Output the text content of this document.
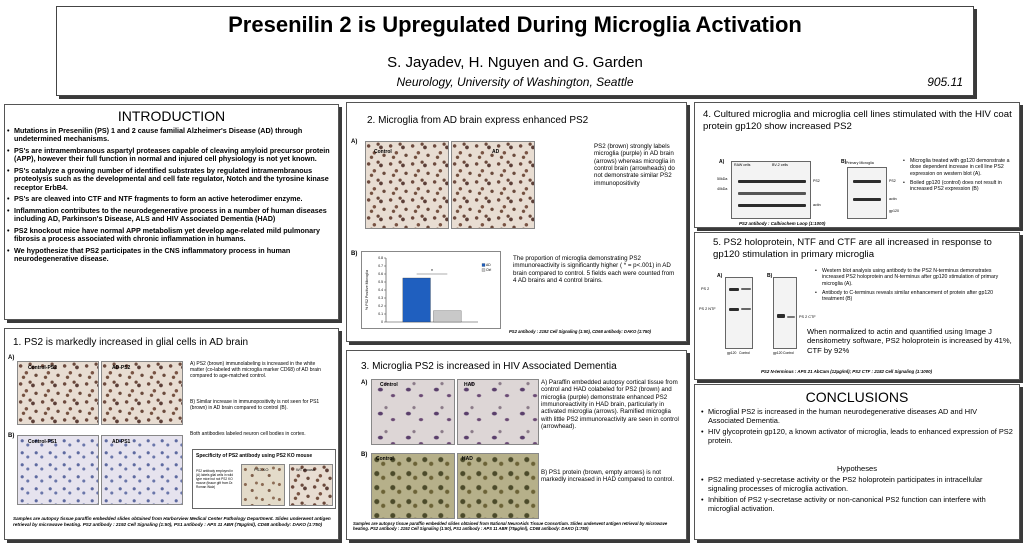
Presenilin 2 is Upregulated During Microglia Activation
S. Jayadev, H. Nguyen and G. Garden
Neurology, University of Washington, Seattle	905.11
INTRODUCTION
• Mutations in Presenilin (PS) 1 and 2 cause familial Alzheimer's Disease (AD) through undetermined mechanisms.
• PS's are intramembranous aspartyl proteases capable of cleaving amyloid precursor protein (APP), however their full function in normal and injured cell physiology is not yet known.
• PS's catalyze a growing number of identified substrates by regulated intramembranous proteolysis such as the developmental and cell fate regulator, Notch and the tyrosine kinase receptor ErbB4.
• PS's are cleaved into CTF and NTF fragments to form an active heterodimer enzyme.
• Inflammation contributes to the neurodegenerative process in a number of human diseases including AD, Parkinson's Disease, ALS and HIV Associated Dementia (HAD)
• PS2 knockout mice have normal APP metabolism yet develop age-related mild pulmonary fibrosis a process associated with chronic inflammation in humans.
• We hypothesize that PS2 participates in the CNS inflammatory process in human neurodegenerative disease.
1. PS2 is markedly increased in glial cells in AD brain
A)
Control-PS2	AD-PS2
B)
Control-PS1	AD-PS1
A) PS2 (brown) immunolabeling is increased in the white matter (co-labeled with microglia marker CD68) of AD brain compared to age-matched control.
B) Similar increase in immunopositivity is not seen for PS1 (brown) in AD brain compared to control (B).
Both antibodies labeled neuron cell bodies in cortex.
Specificity of PS2 antibody using PS2 KO mouse
PS2 antibody employed in (A) labels glial cells in wild type mice but not PS2 KO mouse (tissue gift from Dr. Roman Walz)
PS2 KO	WT mouse
Samples are autopsy tissue paraffin embedded slides obtained from Harborview Medical Center Pathology Department. Slides underwent antigen retrieval by microwave heating. PS2 antibody : 2192 Cell Signaling (1:50), PS1 antibody : APS 11 ABR (75µg/ml), CD68 antibody: DAKO (1:750)
2. Microglia from AD brain express enhanced PS2
A)
Control	AD
PS2 (brown) strongly labels microglia (purple) in AD brain (arrows) whereas microglia in control brain (arrowheads) do not demonstrate similar PS2 immunopositivity
B)
0
0.1
0.2
0.3
0.4
0.5
0.6
0.7
0.8
% PS2 Positive Microglia	*
AD
Ctrl
The proportion of microglia demonstrating PS2 immunoreactivity is significantly higher ( * = p<.001) in AD brain compared to control. 5 fields each were counted from 4 AD brains and 4 control brains.
PS2 antibody : 2192 Cell Signaling (1:50), CD68 antibody: DAKO (1:750)
3. Microglia PS2 is increased in HIV Associated Dementia
A)	Control	HAD
B)
Control	HAD
A) Paraffin embedded autopsy cortical tissue from control and HAD colabeled for PS2 (brown) and microglia (purple) demonstrate enhanced PS2 immunoreactivity in HAD brain, particularly in activated microglia (arrows). Ramified microglia with little PS2 immunoreactivity are seen in control (arrowhead).
B) PS1 protein (brown, empty arrows) is not markedly increased in HAD compared to control.
Samples are autopsy tissue paraffin embedded slides obtained from National NeuroAids Tissue Consortium. Slides underwent antigen retrieval by microwave heating. PS2 antibody : 2192 Cell Signaling (1:50), PS1 antibody : APS 11 ABR (75µg/ml), CD68 antibody: DAKO (1:750)
4. Cultured microglia and microglia cell lines stimulated with the HIV coat protein gp120 show increased PS2
A)	RAW cells	BV-2 cells
50kDa
40kDa
PS2
actin
B) Primary Microglia
PS2
actin
gp120
• Microglia treated with gp120 demonstrate a dose dependent increase in cell line PS2 expression on western blot (A).
• Boiled gp120 (control) does not result in increased PS2 expression (B)
PS2 antibody : Calbiochem Loop (1:1000)
5. PS2 holoprotein, NTF and CTF are all increased in response to gp120 stimulation in primary microglia
A)
PS 2
PS 2 NTF
gp120 Control
B)
PS 2 CTF
gp120 Control
• Western blot analysis using antibody to the PS2 N-terminus demonstrates increased PS2 holoprotein and N-terminus after gp120 stimulation of primary microglia (A).
• Antibody to C-terminus reveals similar enhancement of protein after gp120 treatment (B)
When normalized to actin and quantified using Image J densitometry software, PS2 holoprotein is increased by 41%, CTF by 92%
PS2 N-terminus : APS 21 AbCam (12µg/ml); PS2 CTF : 2182 Cell Signaling (1:1000)
CONCLUSIONS
• Microglial PS2 is increased in the human neurodegenerative diseases AD and HIV Associated Dementia.
• HIV glycoprotein gp120, a known activator of microglia, leads to enhanced expression of PS2 protein.
Hypotheses
• PS2 mediated γ-secretase activity or the PS2 holoprotein participates in intracellular signaling processes of microglia activation.
• Inhibition of PS2 γ-secretase activity or non-canonical PS2 function can interfere with microglial activation.
